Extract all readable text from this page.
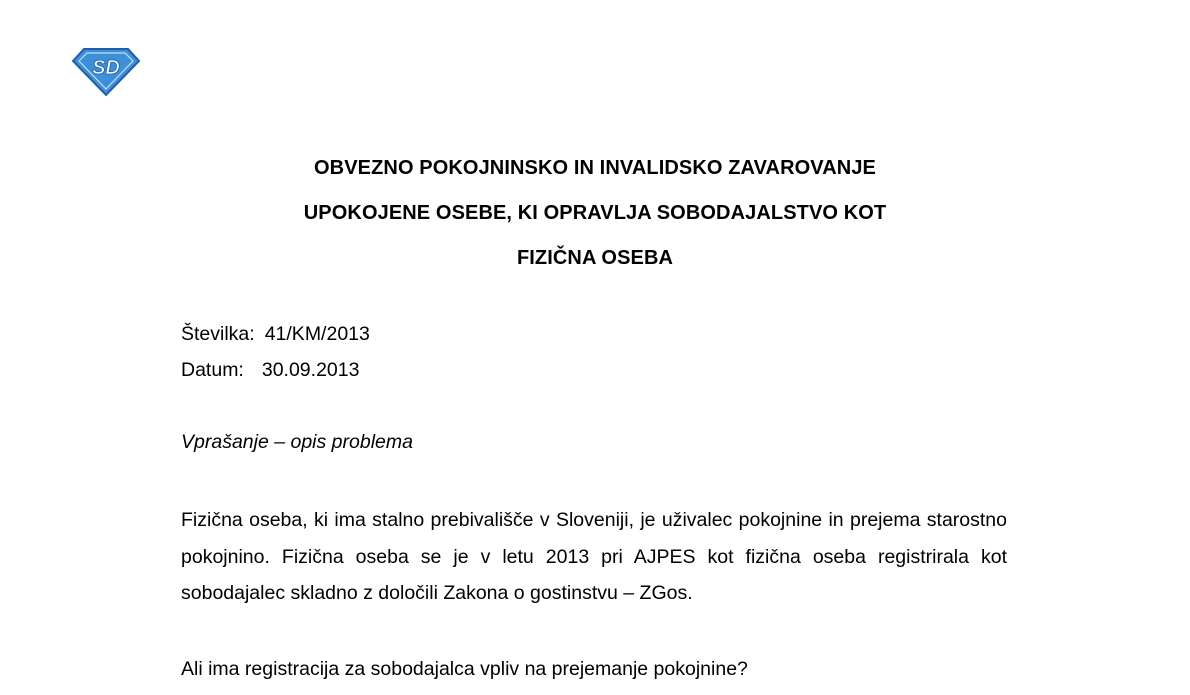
SD
OBVEZNO POKOJNINSKO IN INVALIDSKO ZAVAROVANJE
UPOKOJENE OSEBE, KI OPRAVLJA SOBODAJALSTVO KOT
FIZIČNA OSEBA
Številka: 41/KM/2013
Datum: 30.09.2013
Vprašanje – opis problema
Fizična oseba, ki ima stalno prebivališče v Sloveniji, je uživalec pokojnine in prejema starostno pokojnino. Fizična oseba se je v letu 2013 pri AJPES kot fizična oseba registrirala kot sobodajalec skladno z določili Zakona o gostinstvu – ZGos.
Ali ima registracija za sobodajalca vpliv na prejemanje pokojnine?
